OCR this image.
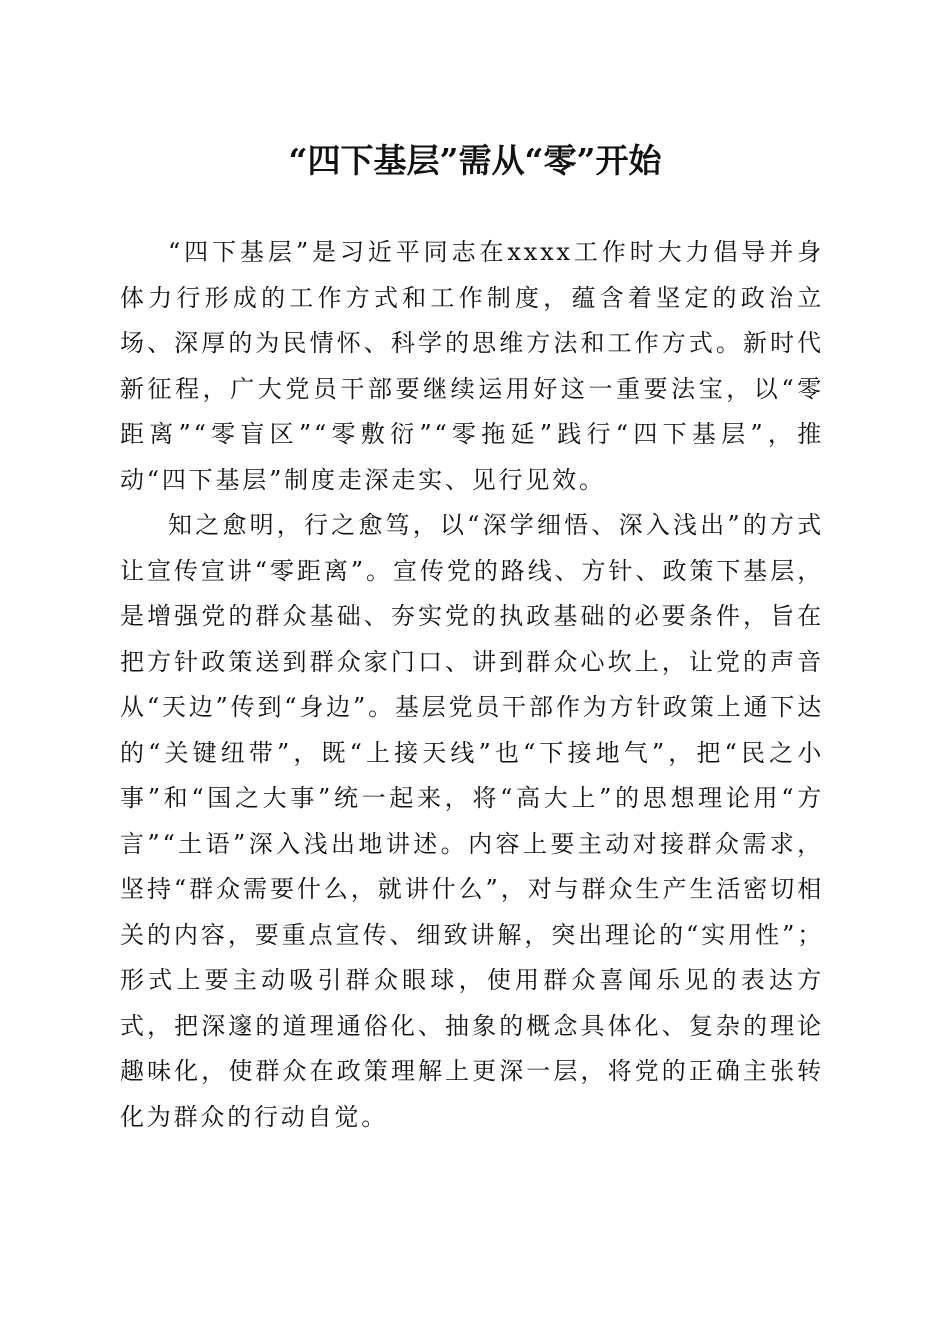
“四下基层”需从“零”开始

“四下基层”是习近平同志在xxxx工作时大力倡导并身体力行形成的工作方式和工作制度，蕴含着坚定的政治立场、深厚的为民情怀、科学的思维方法和工作方式。新时代新征程，广大党员干部要继续运用好这一重要法宝，以“零距离”“零盲区”“零敷衍”“零拖延”践行“四下基层”，推动“四下基层”制度走深走实、见行见效。

知之愈明，行之愈笃，以“深学细悟、深入浅出”的方式让宣传宣讲“零距离”。宣传党的路线、方针、政策下基层，是增强党的群众基础、夯实党的执政基础的必要条件，旨在把方针政策送到群众家门口、讲到群众心坎上，让党的声音从“天边”传到“身边”。基层党员干部作为方针政策上通下达的“关键纽带”，既“上接天线”也“下接地气”，把“民之小事”和“国之大事”统一起来，将“高大上”的思想理论用“方言”“土语”深入浅出地讲述。内容上要主动对接群众需求，坚持“群众需要什么，就讲什么”，对与群众生产生活密切相关的内容，要重点宣传、细致讲解，突出理论的“实用性”；形式上要主动吸引群众眼球，使用群众喜闻乐见的表达方式，把深邃的道理通俗化、抽象的概念具体化、复杂的理论趣味化，使群众在政策理解上更深一层，将党的正确主张转化为群众的行动自觉。
